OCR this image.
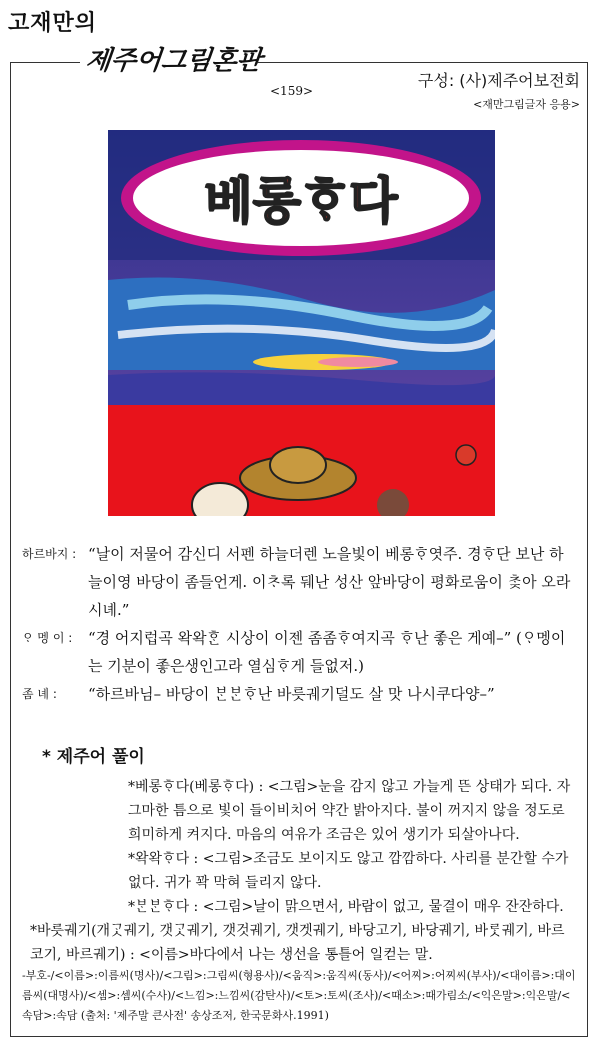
고재만의
제주어그림혼판
<159>
구성: (사)제주어보전회
<재만그림글자 응용>
베롱ᄒᆞ다
하르바지 : “날이 저물어 감신디 서펜 하늘더렌 노을빛이 베롱ᄒᆞ엿주. 경ᄒᆞ단 보난 하늘이영 바당이 좀들언게. 이ᄎᆞ록 뒈난 성산 앞바당이 평화로움이 ᄎᆞᆽ아 오라시녜.”
ᄋᆞ 멩 이 :	“경 어지럽곡 왁왁ᄒᆞᆫ 시상이 이젠 좀좀ᄒᆞ여지곡 ᄒᆞ난 좋은 게예–” (ᄋᆞ멩이는 기분이 좋은생인고라 열심ᄒᆞ게 들없저.)
좀 녜 :	“하르바님– 바당이 ᄇᆞᆫᄇᆞᆫᄒᆞ난 바릇궤기덜도 살 맛 나시쿠다양–”
* 제주어 풀이

*베롱ᄒᆞ다(베롱ᄒᆞ다) : <그림>눈을 감지 않고 가늘게 뜬 상태가 되다. 자그마한 틈으로 빛이 들이비치어 약간 밝아지다. 불이 꺼지지 않을 정도로 희미하게 켜지다. 마음의 여유가 조금은 있어 생기가 되살아나다.

*왁왁ᄒᆞ다 : <그림>조금도 보이지도 않고 깜깜하다. 사리를 분간할 수가 없다. 귀가 꽉 막혀 들리지 않다.

*ᄇᆞᆫᄇᆞᆫᄒᆞ다 : <그림>날이 맑으면서, 바람이 없고, 물결이 매우 잔잔하다.

*바릇궤기(개ᄀᆞᆺ궤기, 갯ᄀᆞᆺ궤기, 갯것궤기, 갯겟궤기, 바당고기, 바당궤기, 바ᄅᆞᆺ궤기, 바르코기, 바르궤기) : <이름>바다에서 나는 생선을 통틀어 일컫는 말.

-부호-/<이름>:이름씨(명사)/<그림>:그림씨(형용사)/<움직>:움직씨(동사)/<어찌>:어찌씨(부사)/<대이름>:대이름씨(대명사)/<셈>:셈씨(수사)/<느낌>:느낌씨(감탄사)/<토>:토씨(조사)/<때소>:때가림소/<익은말>:익은말/<속담>:속담 (출처: '제주말 큰사전' 송상조저, 한국문화사.1991)
